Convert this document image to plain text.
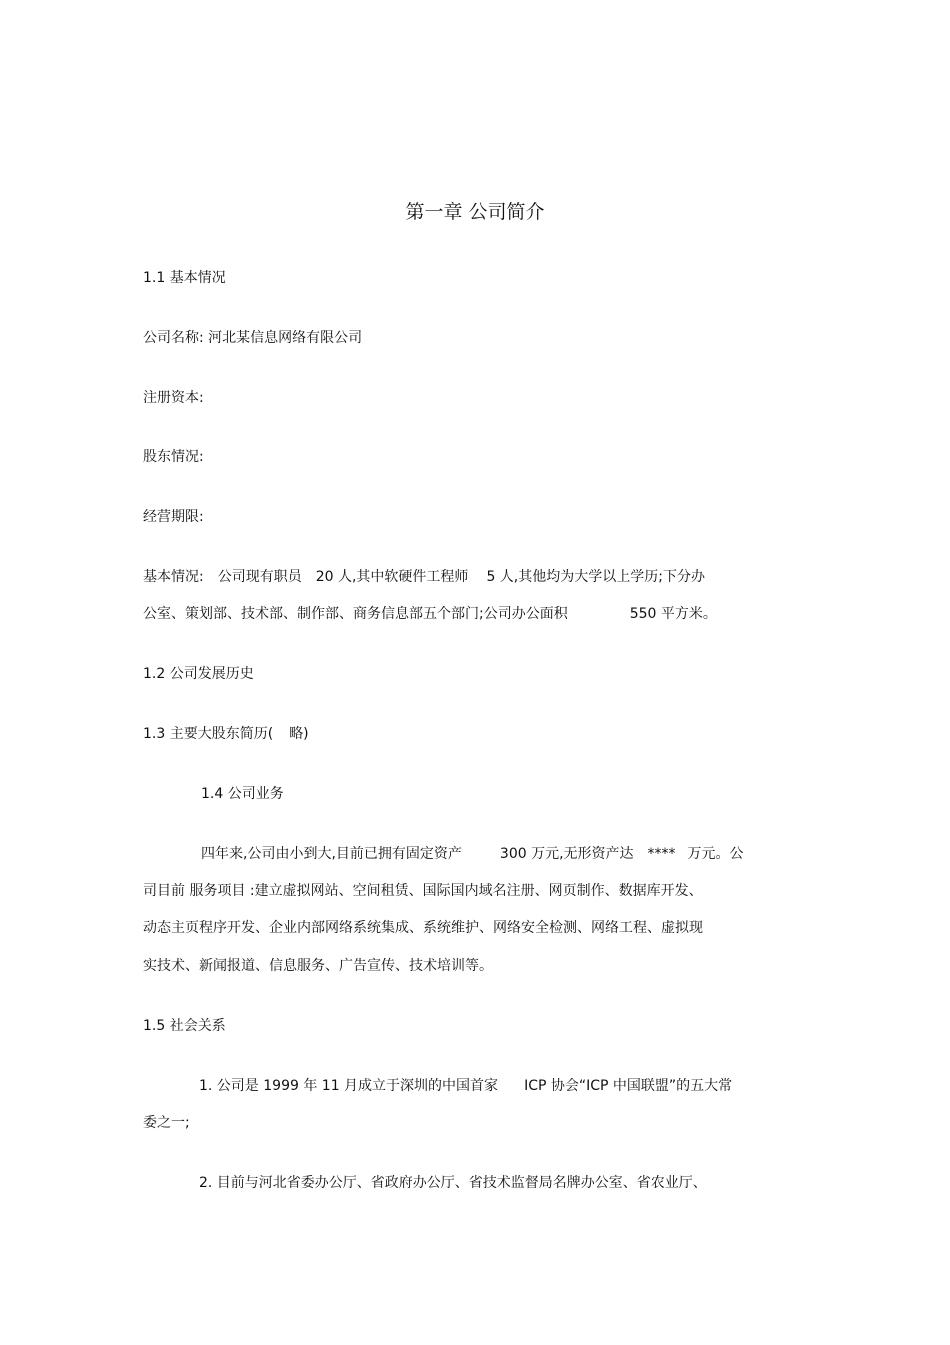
第一章 公司简介
1.1 基本情况
公司名称: 河北某信息网络有限公司
注册资本:
股东情况:
经营期限:
基本情况: 公司现有职员 20 人,其中软硬件工程师 5 人,其他均为大学以上学历;下分办
公室、策划部、技术部、制作部、商务信息部五个部门;公司办公面积	550 平方米。
1.2 公司发展历史
1.3 主要大股东简历( 略)
1.4 公司业务
四年来,公司由小到大,目前已拥有固定资产	300 万元,无形资产达 **** 万元。公
司目前 服务项目 :建立虚拟网站、空间租赁、国际国内域名注册、网页制作、数据库开发、
动态主页程序开发、企业内部网络系统集成、系统维护、网络安全检测、网络工程、虚拟现
实技术、新闻报道、信息服务、广告宣传、技术培训等。
1.5 社会关系
1. 公司是 1999 年 11 月成立于深圳的中国首家 ICP 协会“ICP 中国联盟”的五大常
委之一;
2. 目前与河北省委办公厅、省政府办公厅、省技术监督局名牌办公室、省农业厅、
